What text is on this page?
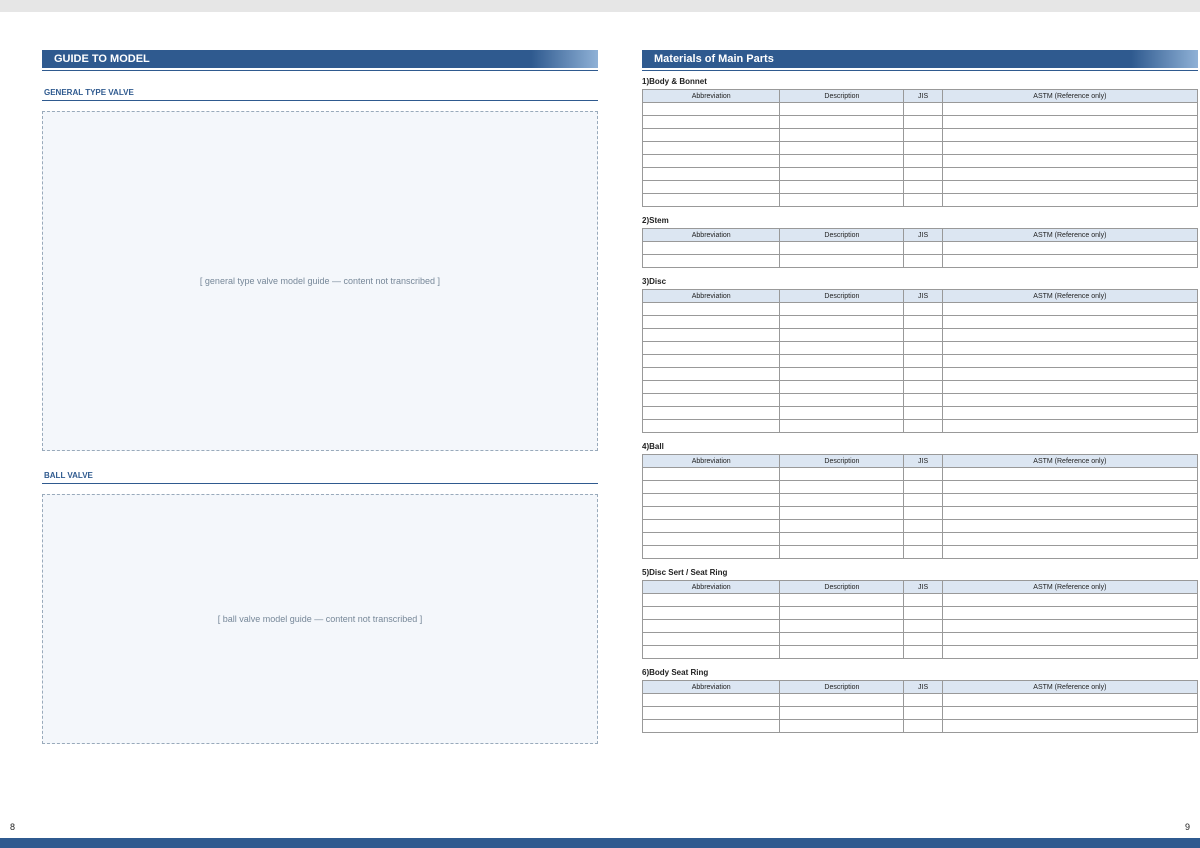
GUIDE TO MODEL
GENERAL TYPE VALVE
[ general type valve model guide — content not transcribed ]
BALL VALVE
[ ball valve model guide — content not transcribed ]
Materials of Main Parts
1)Body & Bonnet
Abbreviation	Description	JIS	ASTM (Reference only)

2)Stem
Abbreviation	Description	JIS	ASTM (Reference only)

3)Disc
Abbreviation	Description	JIS	ASTM (Reference only)

4)Ball
Abbreviation	Description	JIS	ASTM (Reference only)

5)Disc Sert / Seat Ring
Abbreviation	Description	JIS	ASTM (Reference only)

6)Body Seat Ring
Abbreviation	Description	JIS	ASTM (Reference only)

8	9
